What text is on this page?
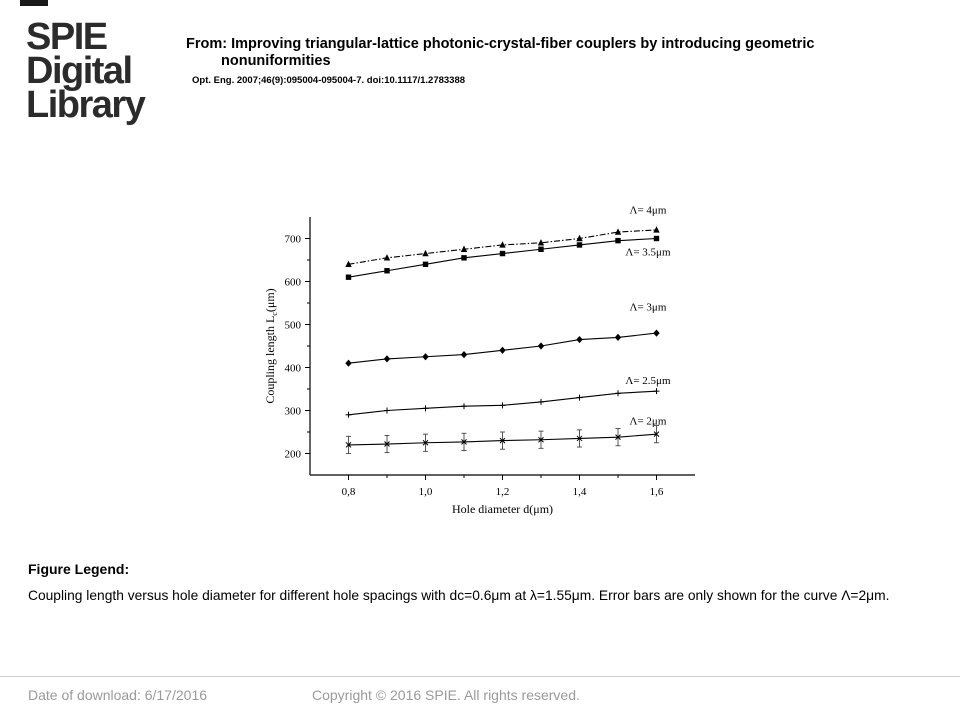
SPIE
Digital
Library
From: Improving triangular-lattice photonic-crystal-fiber couplers by introducing geometric
nonuniformities
Opt. Eng. 2007;46(9):095004-095004-7. doi:10.1117/1.2783388
200
300
400
500
600
700
0,8	1,0	1,2	1,4	1,6
Hole diameter d(μm)
Coupling length $L_c(\mu m)$
Λ= 4μm
Λ= 3.5μm
Λ= 3μm
Λ= 2.5μm
Λ= 2μm
Figure Legend:
Coupling length versus hole diameter for different hole spacings with dc=0.6μm at λ=1.55μm. Error bars are only shown for the curve Λ=2μm.
Date of download: 6/17/2016	Copyright © 2016 SPIE. All rights reserved.
